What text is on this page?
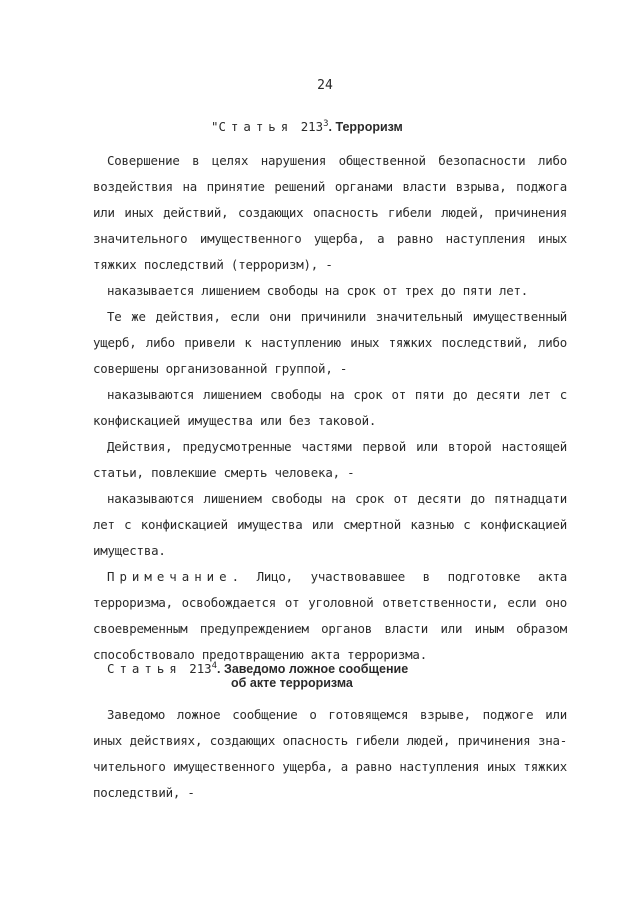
24
"Статья $213^3$. Терроризм
Совершение в целях нарушения общественной безопасности либо
воздействия на принятие решений органами власти взрыва, поджога
или иных действий, создающих опасность гибели людей, причинения
значительного имущественного ущерба, а равно наступления иных
тяжких последствий (терроризм), -
наказывается лишением свободы на срок от трех до пяти лет.
Те же действия, если они причинили значительный имущественный
ущерб, либо привели к наступлению иных тяжких последствий, либо
совершены организованной группой, -
наказываются лишением свободы на срок от пяти до десяти лет с
конфискацией имущества или без таковой.
Действия, предусмотренные частями первой или второй настоящей
статьи, повлекшие смерть человека, -
наказываются лишением свободы на срок от десяти до пятнадцати
лет с конфискацией имущества или смертной казнью с конфискацией
имущества.
Примечание. Лицо, участвовавшее в подготовке акта
терроризма, освобождается от уголовной ответственности, если оно
своевременным предупреждением органов власти или иным образом
способствовало предотвращению акта терроризма.
Статья $213^4$ . Заведомо ложное сообщение
об акте терроризма
Заведомо ложное сообщение о готовящемся взрыве, поджоге или
иных действиях, создающих опасность гибели людей, причинения зна-
чительного имущественного ущерба, а равно наступления иных тяжких
последствий, -
